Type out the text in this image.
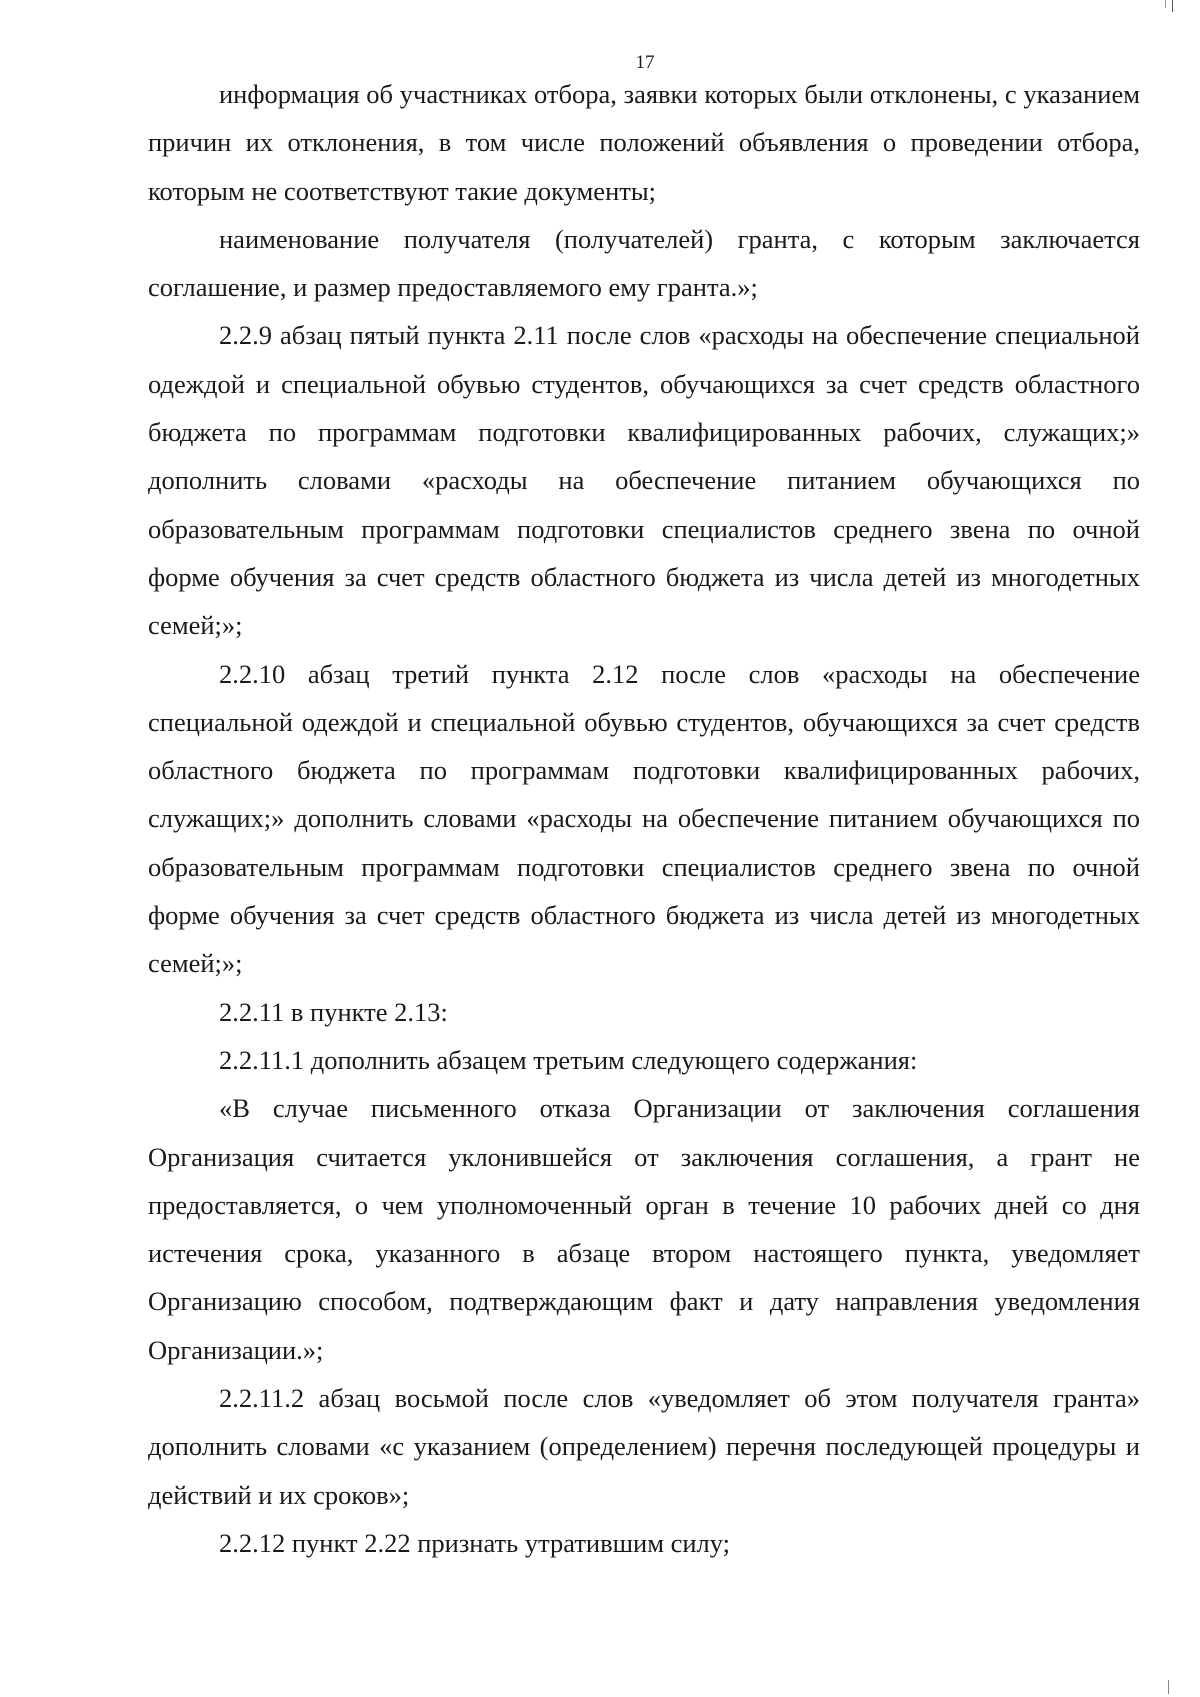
17

информация об участниках отбора, заявки которых были отклонены, с указанием причин их отклонения, в том числе положений объявления о проведении отбора, которым не соответствуют такие документы;

наименование получателя (получателей) гранта, с которым заключается соглашение, и размер предоставляемого ему гранта.»;

2.2.9 абзац пятый пункта 2.11 после слов «расходы на обеспечение специальной одеждой и специальной обувью студентов, обучающихся за счет средств областного бюджета по программам подготовки квалифицированных рабочих, служащих;» дополнить словами «расходы на обеспечение питанием обучающихся по образовательным программам подготовки специалистов среднего звена по очной форме обучения за счет средств областного бюджета из числа детей из многодетных семей;»;

2.2.10 абзац третий пункта 2.12 после слов «расходы на обеспечение специальной одеждой и специальной обувью студентов, обучающихся за счет средств областного бюджета по программам подготовки квалифицированных рабочих, служащих;» дополнить словами «расходы на обеспечение питанием обучающихся по образовательным программам подготовки специалистов среднего звена по очной форме обучения за счет средств областного бюджета из числа детей из многодетных семей;»;

2.2.11 в пункте 2.13:

2.2.11.1 дополнить абзацем третьим следующего содержания:

«В случае письменного отказа Организации от заключения соглашения Организация считается уклонившейся от заключения соглашения, а грант не предоставляется, о чем уполномоченный орган в течение 10 рабочих дней со дня истечения срока, указанного в абзаце втором настоящего пункта, уведомляет Организацию способом, подтверждающим факт и дату направления уведомления Организации.»;

2.2.11.2 абзац восьмой после слов «уведомляет об этом получателя гранта» дополнить словами «с указанием (определением) перечня последующей процедуры и действий и их сроков»;

2.2.12 пункт 2.22 признать утратившим силу;
